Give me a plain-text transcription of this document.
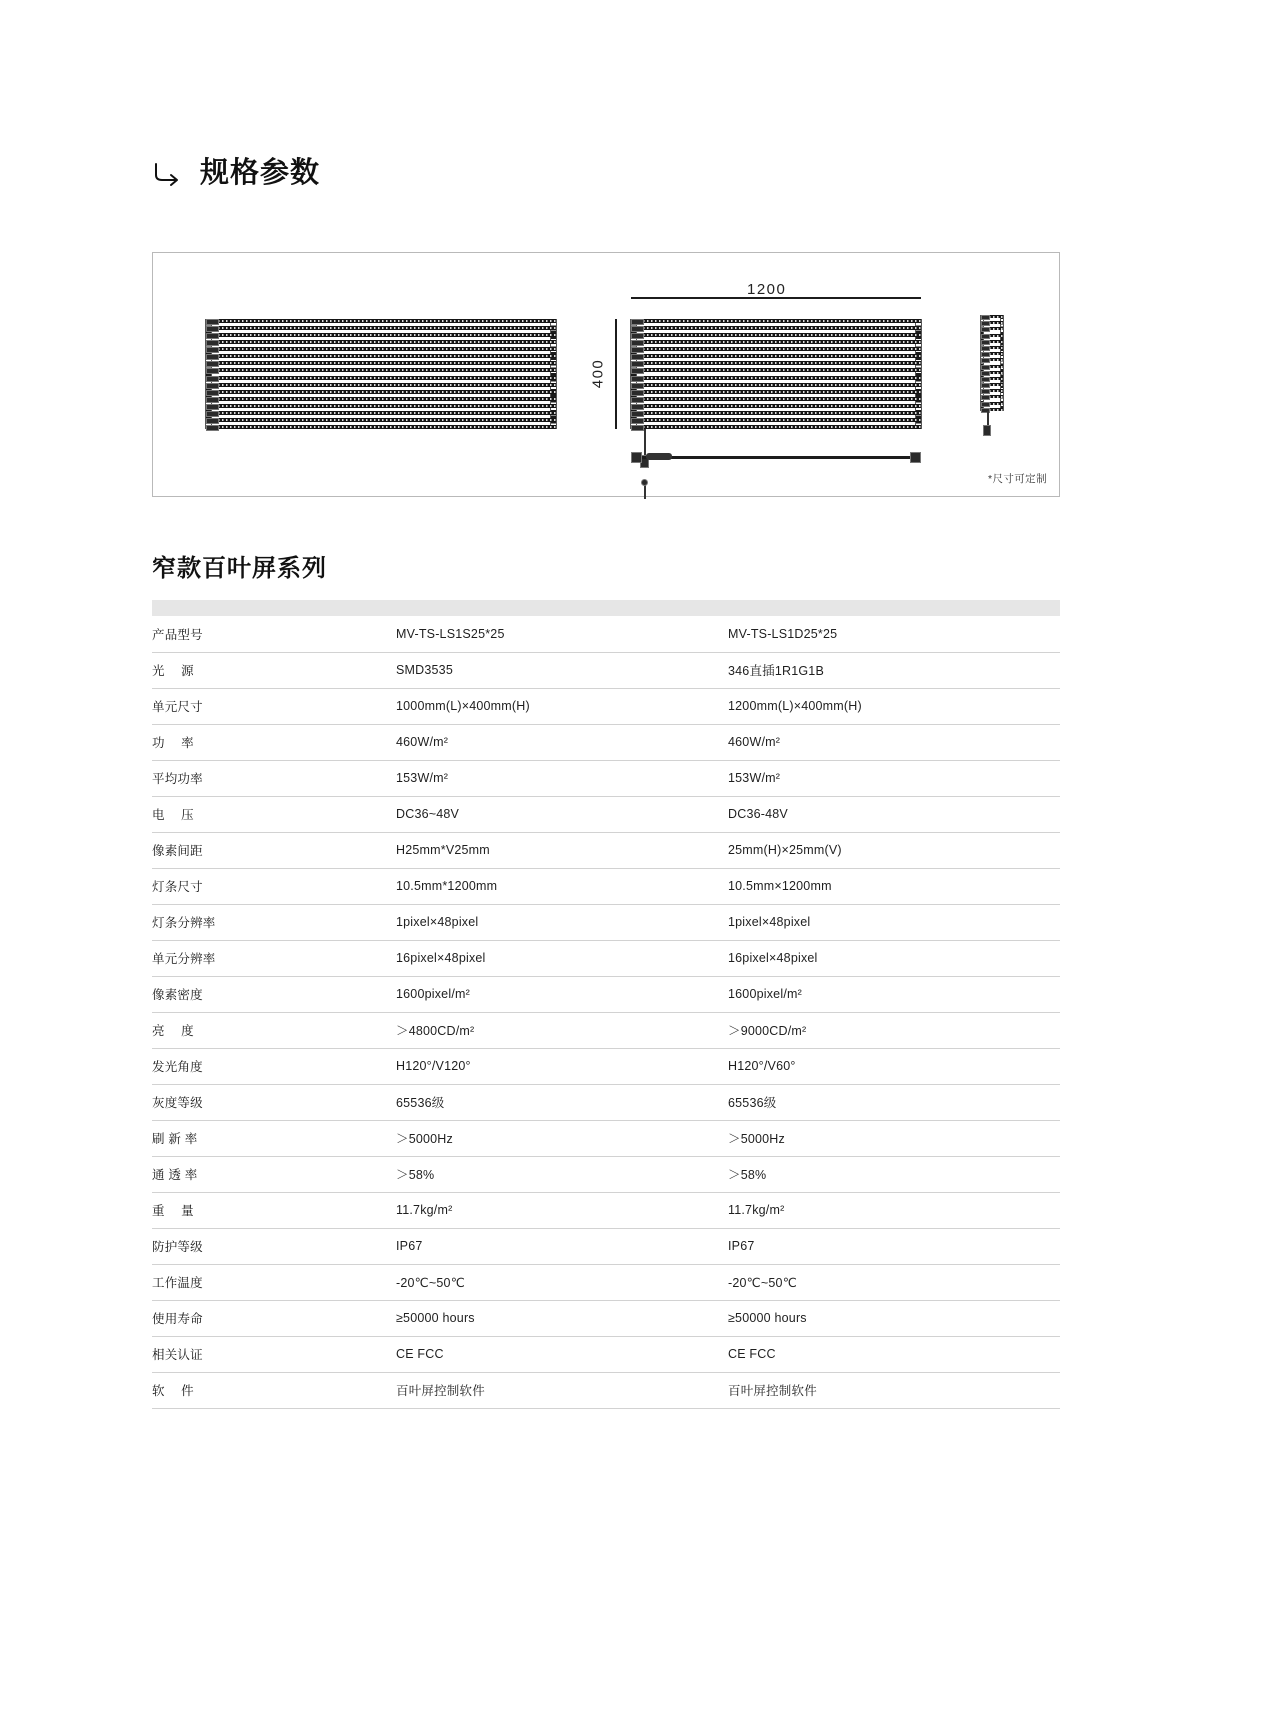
规格参数
1200
400
*尺寸可定制
窄款百叶屏系列

产品型号	MV-TS-LS1S25*25	MV-TS-LS1D25*25
光　 源	SMD3535	346直插1R1G1B
单元尺寸	1000mm(L)×400mm(H)	1200mm(L)×400mm(H)
功　 率	460W/m²	460W/m²
平均功率	153W/m²	153W/m²
电　 压	DC36~48V	DC36-48V
像素间距	H25mm*V25mm	25mm(H)×25mm(V)
灯条尺寸	10.5mm*1200mm	10.5mm×1200mm
灯条分辨率	1pixel×48pixel	1pixel×48pixel
单元分辨率	16pixel×48pixel	16pixel×48pixel
像素密度	1600pixel/m²	1600pixel/m²
亮　 度	＞4800CD/m²	＞9000CD/m²
发光角度	H120°/V120°	H120°/V60°
灰度等级	65536级	65536级
刷 新 率	＞5000Hz	＞5000Hz
通 透 率	＞58%	＞58%
重　 量	11.7kg/m²	11.7kg/m²
防护等级	IP67	IP67
工作温度	-20℃~50℃	-20℃~50℃
使用寿命	≥50000 hours	≥50000 hours
相关认证	CE FCC	CE FCC
软　 件	百叶屏控制软件	百叶屏控制软件
